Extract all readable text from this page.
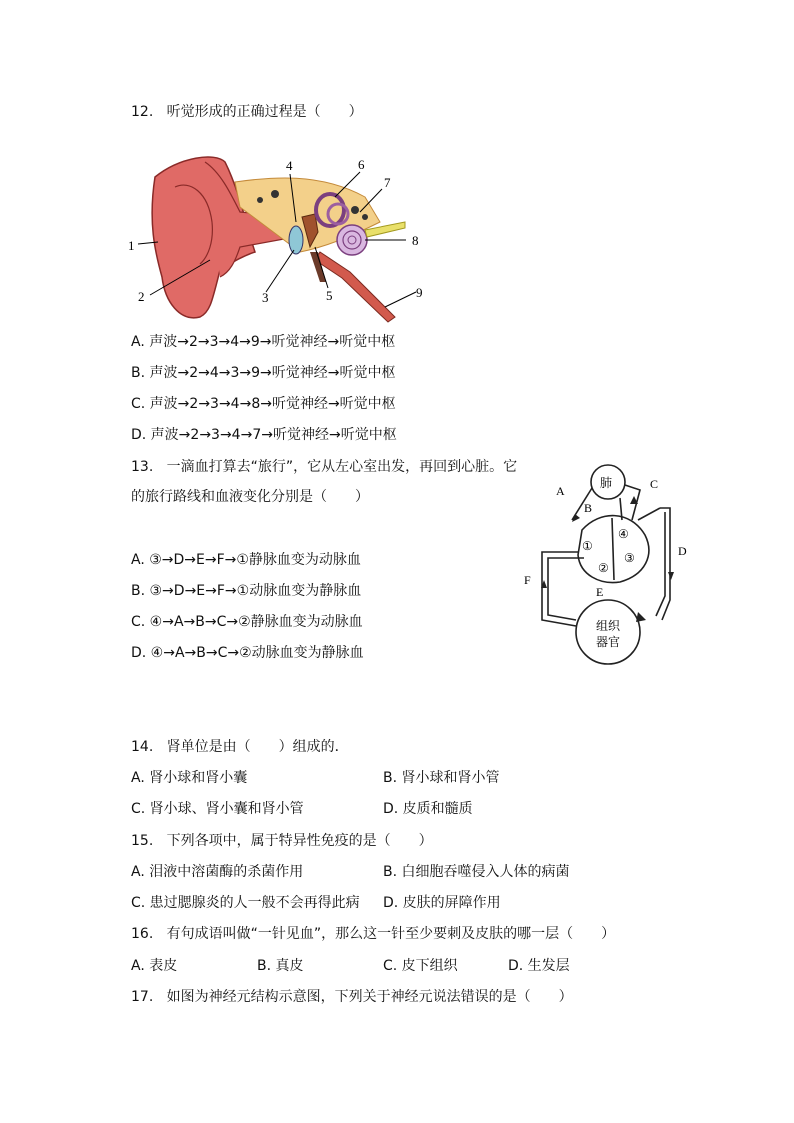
12. 听觉形成的正确过程是（　　）
1
2	3
4
5
6
7
8
9
A. 声波→2→3→4→9→听觉神经→听觉中枢
B. 声波→2→4→3→9→听觉神经→听觉中枢
C. 声波→2→3→4→8→听觉神经→听觉中枢
D. 声波→2→3→4→7→听觉神经→听觉中枢
13. 一滴血打算去“旅行”，它从左心室出发，再回到心脏。它
的旅行路线和血液变化分別是（　　）
肺
组织
器官
A
B
C
D
E
F
①
②
③
④
A. ③→D→E→F→①静脉血变为动脉血
B. ③→D→E→F→①动脉血变为静脉血
C. ④→A→B→C→②静脉血变为动脉血
D. ④→A→B→C→②动脉血变为静脉血
14. 肾单位是由（　　）组成的．
A. 肾小球和肾小囊	B. 肾小球和肾小管
C. 肾小球、肾小囊和肾小管	D. 皮质和髓质
15. 下列各项中，属于特异性免疫的是（　　）
A. 泪液中溶菌酶的杀菌作用	B. 白细胞吞噬侵入人体的病菌
C. 患过腮腺炎的人一般不会再得此病 D. 皮肤的屏障作用
16. 有句成语叫做“一针见血”，那么这一针至少要刺及皮肤的哪一层（　　）
A. 表皮	B. 真皮	C. 皮下组织	D. 生发层
17. 如图为神经元结构示意图，下列关于神经元说法错误的是（　　）
